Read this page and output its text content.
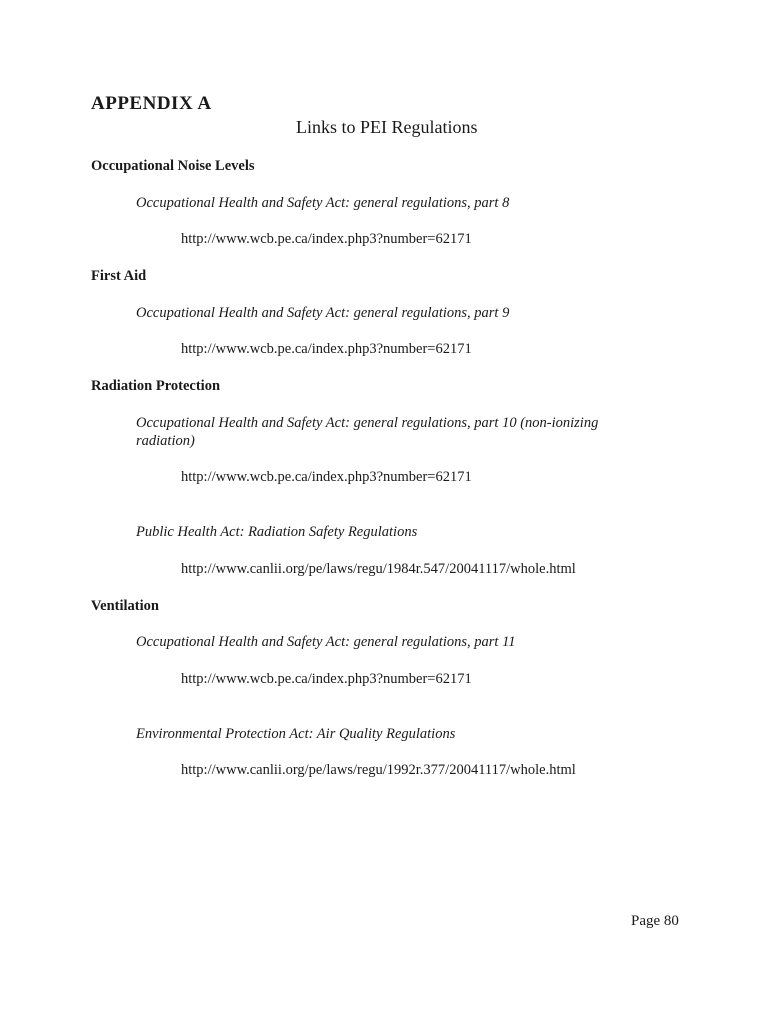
APPENDIX A
Links to PEI Regulations
Occupational Noise Levels
Occupational Health and Safety Act: general regulations, part 8
http://www.wcb.pe.ca/index.php3?number=62171
First Aid
Occupational Health and Safety Act: general regulations, part 9
http://www.wcb.pe.ca/index.php3?number=62171
Radiation Protection
Occupational Health and Safety Act: general regulations, part 10 (non-ionizing radiation)
http://www.wcb.pe.ca/index.php3?number=62171
Public Health Act: Radiation Safety Regulations
http://www.canlii.org/pe/laws/regu/1984r.547/20041117/whole.html
Ventilation
Occupational Health and Safety Act: general regulations, part 11
http://www.wcb.pe.ca/index.php3?number=62171
Environmental Protection Act: Air Quality Regulations
http://www.canlii.org/pe/laws/regu/1992r.377/20041117/whole.html
Page 80
